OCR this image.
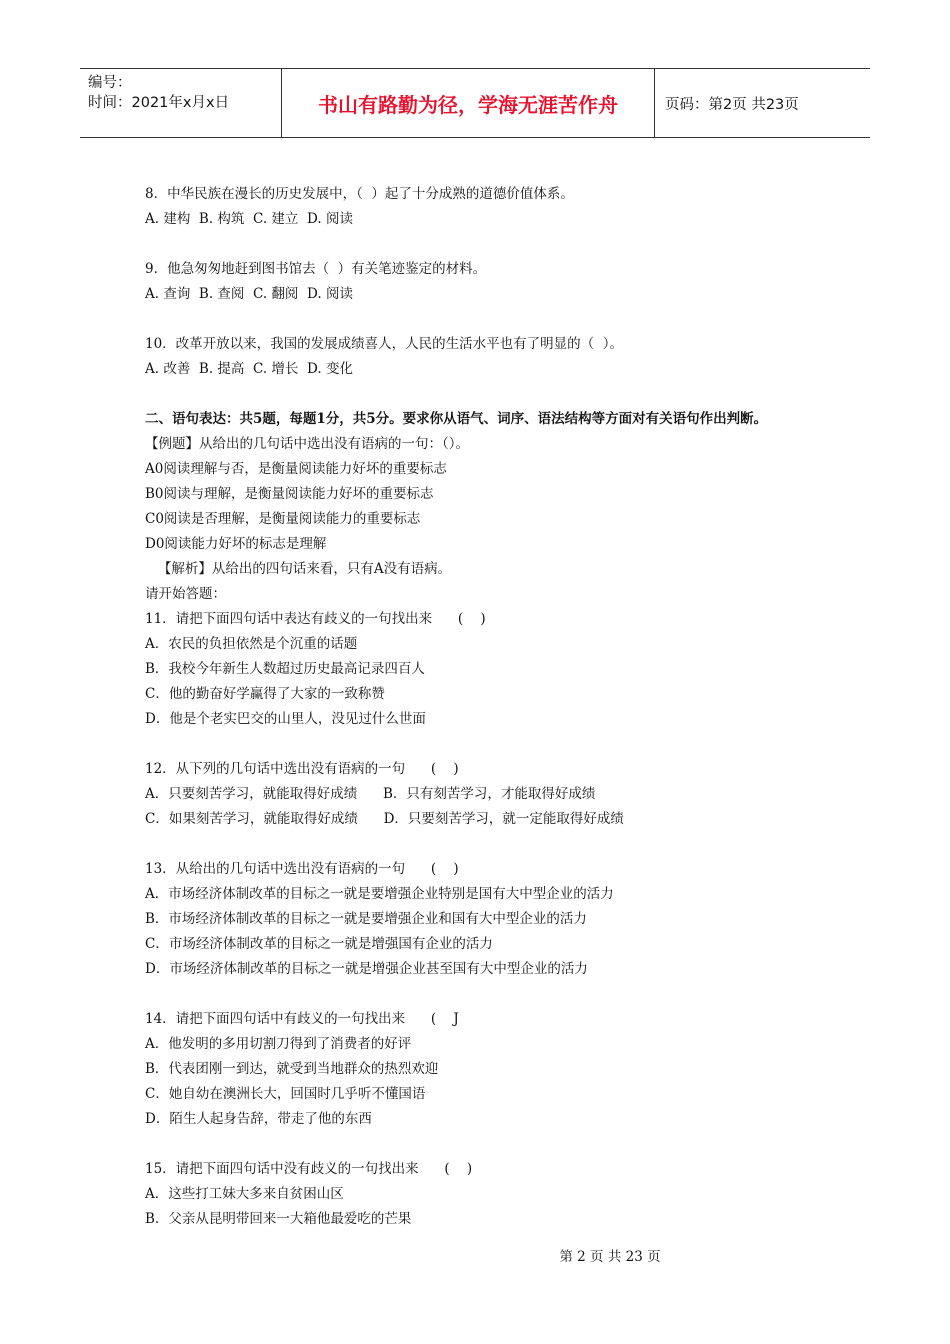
编号：
时间：2021年x月x日	书山有路勤为径，学海无涯苦作舟	页码：第2页 共23页
8．中华民族在漫长的历史发展中，（  ）起了十分成熟的道德价值体系。
A. 建构  B. 构筑  C. 建立  D. 阅读
9．他急匆匆地赶到图书馆去（  ）有关笔迹鉴定的材料。
A. 查询  B. 查阅  C. 翻阅  D. 阅读
10．改革开放以来，我国的发展成绩喜人，人民的生活水平也有了明显的（  ）。
A. 改善  B. 提高  C. 增长  D. 变化
二、语句表达：共5题，每题1分，共5分。要求你从语气、词序、语法结构等方面对有关语句作出判断。
【例题】从给出的几句话中选出没有语病的一句：（）。
A0阅读理解与否，是衡量阅读能力好坏的重要标志
B0阅读与理解，是衡量阅读能力好坏的重要标志
C0阅读是否理解，是衡量阅读能力的重要标志
D0阅读能力好坏的标志是理解
【解析】从给出的四句话来看，只有A没有语病。
请开始答题：
11．请把下面四句话中表达有歧义的一句找出来      (    )
A．农民的负担依然是个沉重的话题
B．我校今年新生人数超过历史最高记录四百人
C．他的勤奋好学赢得了大家的一致称赞
D．他是个老实巴交的山里人，没见过什么世面
12．从下列的几句话中选出没有语病的一句      (    )
A．只要刻苦学习，就能取得好成绩      B．只有刻苦学习，才能取得好成绩
C．如果刻苦学习，就能取得好成绩      D．只要刻苦学习，就一定能取得好成绩
13．从给出的几句话中选出没有语病的一句      (    )
A．市场经济体制改革的目标之一就是要增强企业特别是国有大中型企业的活力
B．市场经济体制改革的目标之一就是要增强企业和国有大中型企业的活力
C．市场经济体制改革的目标之一就是增强国有企业的活力
D．市场经济体制改革的目标之一就是增强企业甚至国有大中型企业的活力
14．请把下面四句话中有歧义的一句找出来      (    J
A．他发明的多用切割刀得到了消费者的好评
B．代表团刚一到达，就受到当地群众的热烈欢迎
C．她自幼在澳洲长大，回国时几乎听不懂国语
D．陌生人起身告辞，带走了他的东西
15．请把下面四句话中没有歧义的一句找出来      (    )
A．这些打工妹大多来自贫困山区
B．父亲从昆明带回来一大箱他最爱吃的芒果
第 2 页 共 23 页
